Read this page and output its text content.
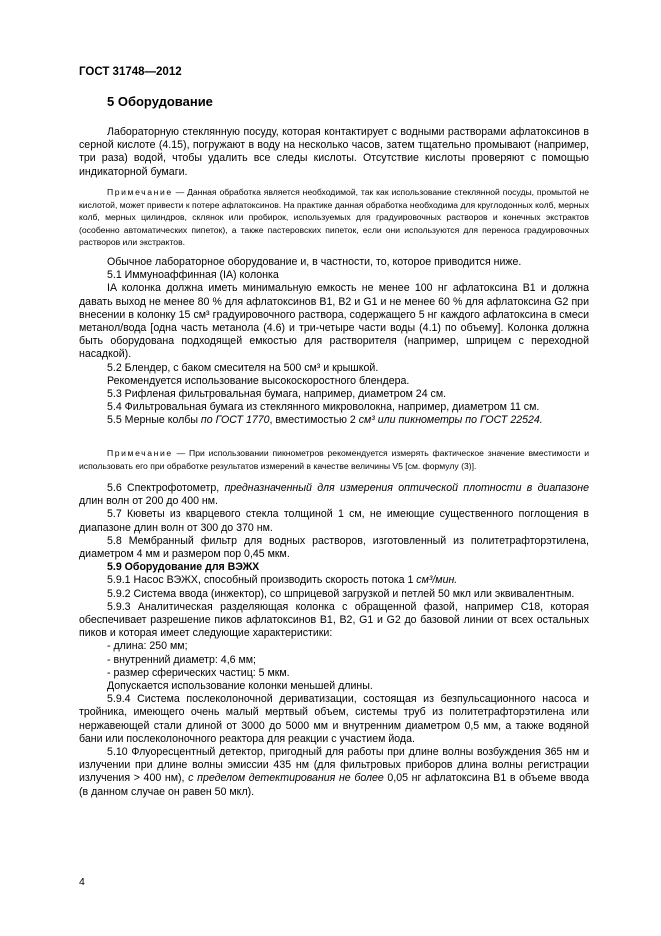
ГОСТ 31748—2012
5 Оборудование

Лабораторную стеклянную посуду, которая контактирует с водными растворами афлатоксинов в серной кислоте (4.15), погружают в воду на несколько часов, затем тщательно промывают (например, три раза) водой, чтобы удалить все следы кислоты. Отсутствие кислоты проверяют с помощью индикаторной бумаги.

Примечание — Данная обработка является необходимой, так как использование стеклянной посуды, промытой не кислотой, может привести к потере афлатоксинов. На практике данная обработка необходима для круглодонных колб, мерных колб, мерных цилиндров, склянок или пробирок, используемых для градуировочных растворов и конечных экстрактов (особенно автоматических пипеток), а также пастеровских пипеток, если они используются для переноса градуировочных растворов или экстрактов.

Обычное лабораторное оборудование и, в частности, то, которое приводится ниже.

5.1 Иммуноаффинная (IA) колонка

IA колонка должна иметь минимальную емкость не менее 100 нг афлатоксина B1 и должна давать выход не менее 80 % для афлатоксинов B1, B2 и G1 и не менее 60 % для афлатоксина G2 при внесении в колонку 15 см³ градуировочного раствора, содержащего 5 нг каждого афлатоксина в смеси метанол/вода [одна часть метанола (4.6) и три-четыре части воды (4.1) по объему]. Колонка должна быть оборудована подходящей емкостью для растворителя (например, шприцем с переходной насадкой).

5.2 Блендер, с баком смесителя на 500 см³ и крышкой.

Рекомендуется использование высокоскоростного блендера.

5.3 Рифленая фильтровальная бумага, например, диаметром 24 см.

5.4 Фильтровальная бумага из стеклянного микроволокна, например, диаметром 11 см.

5.5 Мерные колбы по ГОСТ 1770, вместимостью 2 см³ или пикнометры по ГОСТ 22524.

Примечание — При использовании пикнометров рекомендуется измерять фактическое значение вместимости и использовать его при обработке результатов измерений в качестве величины V5 [см. формулу (3)].

5.6 Спектрофотометр, предназначенный для измерения оптической плотности в диапазоне длин волн от 200 до 400 нм.

5.7 Кюветы из кварцевого стекла толщиной 1 см, не имеющие существенного поглощения в диапазоне длин волн от 300 до 370 нм.

5.8 Мембранный фильтр для водных растворов, изготовленный из политетрафторэтилена, диаметром 4 мм и размером пор 0,45 мкм.

5.9 Оборудование для ВЭЖХ

5.9.1 Насос ВЭЖХ, способный производить скорость потока 1 см³/мин.

5.9.2 Система ввода (инжектор), со шприцевой загрузкой и петлей 50 мкл или эквивалентным.

5.9.3 Аналитическая разделяющая колонка с обращенной фазой, например C18, которая обеспечивает разрешение пиков афлатоксинов B1, B2, G1 и G2 до базовой линии от всех остальных пиков и которая имеет следующие характеристики:

- длина: 250 мм;

- внутренний диаметр: 4,6 мм;

- размер сферических частиц: 5 мкм.

Допускается использование колонки меньшей длины.

5.9.4 Система послеколоночной дериватизации, состоящая из безпульсационного насоса и тройника, имеющего очень малый мертвый объем, системы труб из политетрафторэтилена или нержавеющей стали длиной от 3000 до 5000 мм и внутренним диаметром 0,5 мм, а также водяной бани или послеколоночного реактора для реакции с участием йода.

5.10 Флуоресцентный детектор, пригодный для работы при длине волны возбуждения 365 нм и излучении при длине волны эмиссии 435 нм (для фильтровых приборов длина волны регистрации излучения > 400 нм), с пределом детектирования не более 0,05 нг афлатоксина B1 в объеме ввода (в данном случае он равен 50 мкл).

4
